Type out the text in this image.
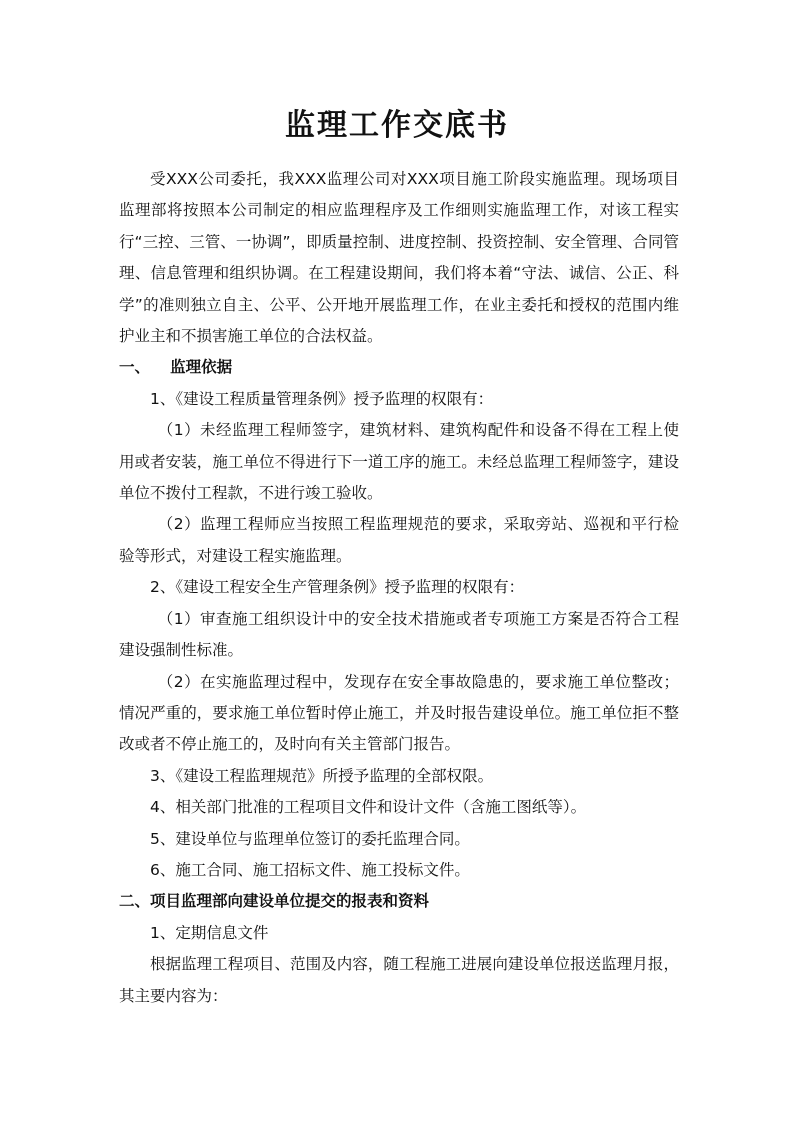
监理工作交底书

受XXX公司委托，我XXX监理公司对XXX项目施工阶段实施监理。现场项目监理部将按照本公司制定的相应监理程序及工作细则实施监理工作，对该工程实行“三控、三管、一协调”，即质量控制、进度控制、投资控制、安全管理、合同管理、信息管理和组织协调。在工程建设期间，我们将本着“守法、诚信、公正、科学”的准则独立自主、公平、公开地开展监理工作，在业主委托和授权的范围内维护业主和不损害施工单位的合法权益。

一、 监理依据

1、《建设工程质量管理条例》授予监理的权限有：

（1）未经监理工程师签字，建筑材料、建筑构配件和设备不得在工程上使用或者安装，施工单位不得进行下一道工序的施工。未经总监理工程师签字，建设单位不拨付工程款，不进行竣工验收。

（2）监理工程师应当按照工程监理规范的要求，采取旁站、巡视和平行检验等形式，对建设工程实施监理。

2、《建设工程安全生产管理条例》授予监理的权限有：

（1）审查施工组织设计中的安全技术措施或者专项施工方案是否符合工程建设强制性标准。

（2）在实施监理过程中，发现存在安全事故隐患的，要求施工单位整改；情况严重的，要求施工单位暂时停止施工，并及时报告建设单位。施工单位拒不整改或者不停止施工的，及时向有关主管部门报告。

3、《建设工程监理规范》所授予监理的全部权限。

4、相关部门批准的工程项目文件和设计文件（含施工图纸等）。

5、建设单位与监理单位签订的委托监理合同。

6、施工合同、施工招标文件、施工投标文件。

二、项目监理部向建设单位提交的报表和资料

1、定期信息文件

根据监理工程项目、范围及内容，随工程施工进展向建设单位报送监理月报，其主要内容为：
